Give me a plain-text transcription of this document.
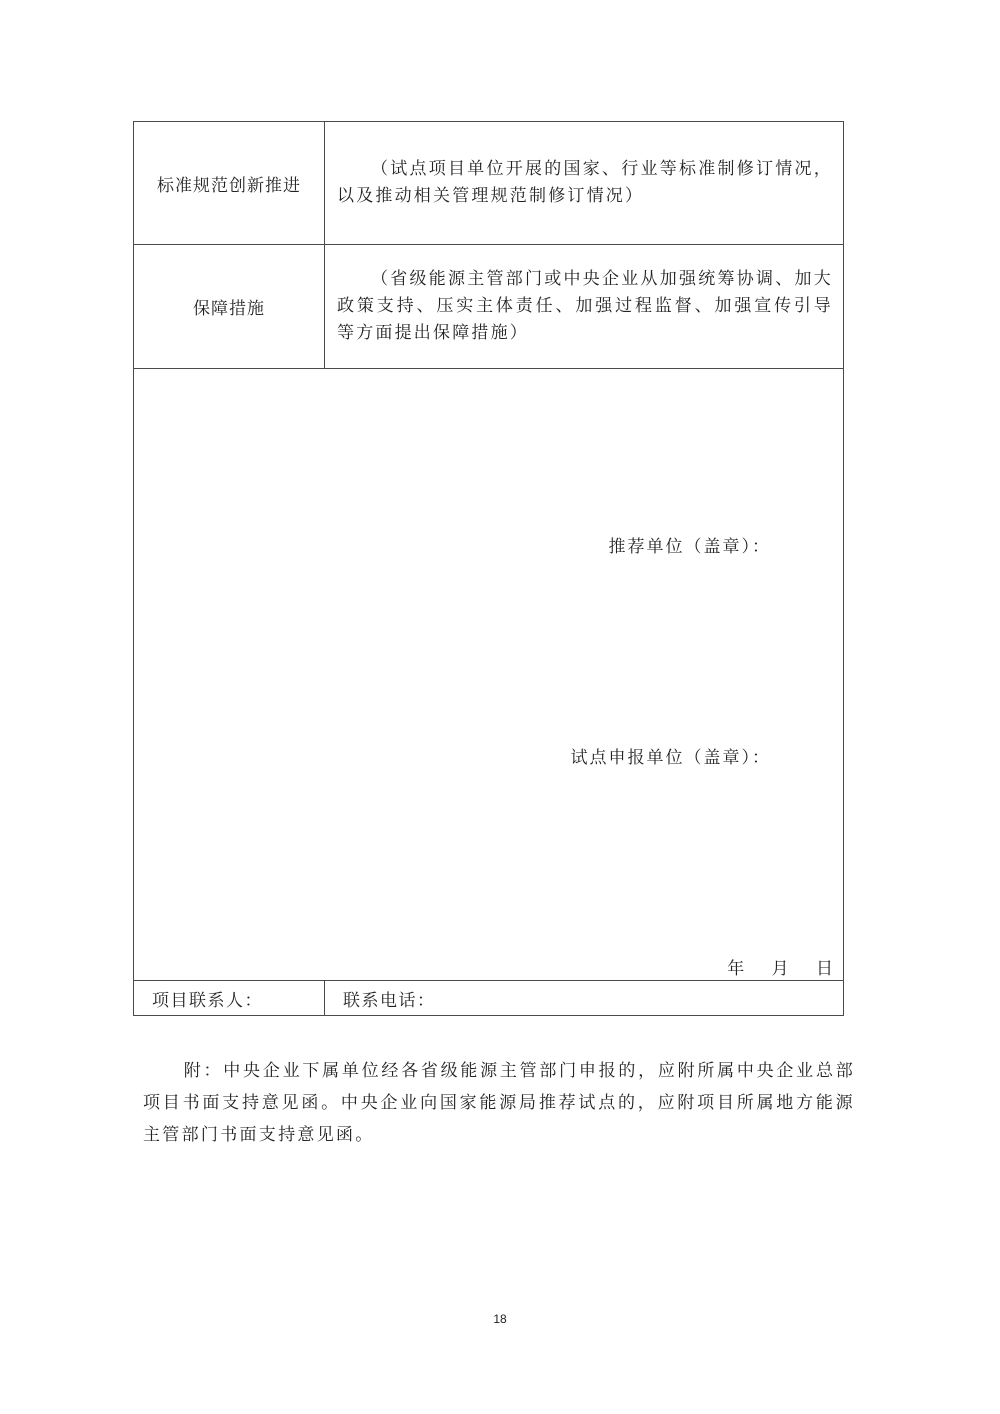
标准规范创新推进
（试点项目单位开展的国家、行业等标准制修订情况，以及推动相关管理规范制修订情况）
保障措施
（省级能源主管部门或中央企业从加强统筹协调、加大政策支持、压实主体责任、加强过程监督、加强宣传引导等方面提出保障措施）
推荐单位（盖章）：
试点申报单位（盖章）：
年 月 日
项目联系人：	联系电话：
附：中央企业下属单位经各省级能源主管部门申报的，应附所属中央企业总部项目书面支持意见函。中央企业向国家能源局推荐试点的，应附项目所属地方能源主管部门书面支持意见函。
18
